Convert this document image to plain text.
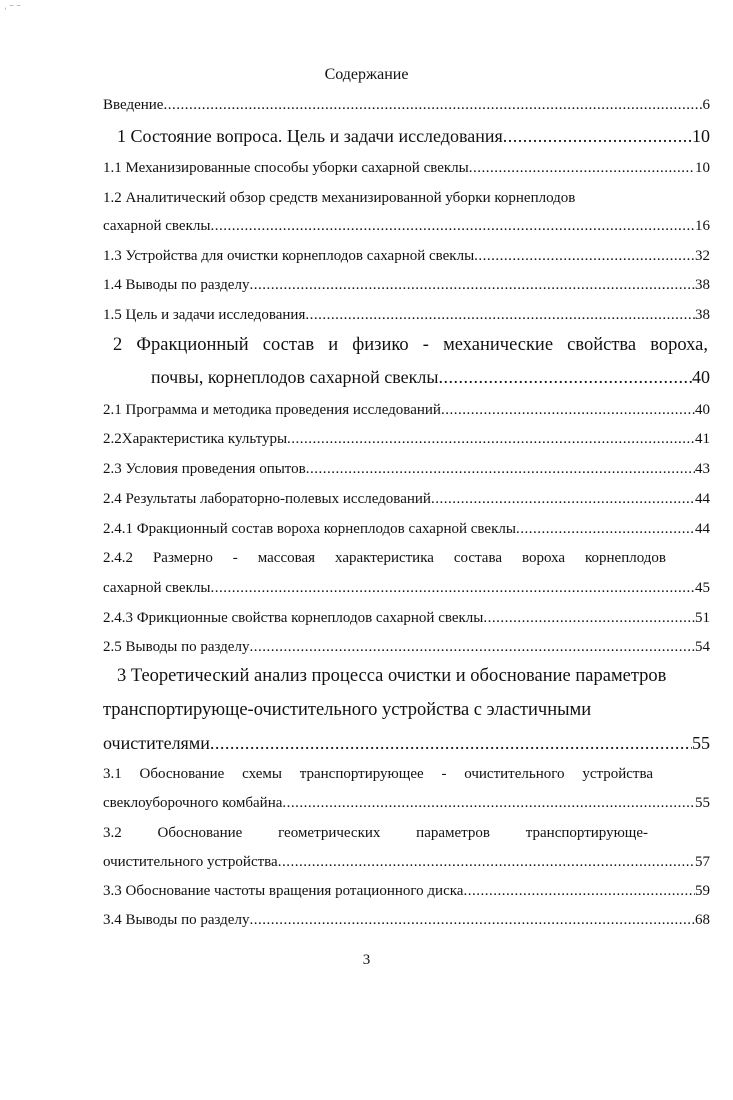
˒ ⁻ ⁻
Содержание
Введение .....	6
1 Состояние вопроса. Цель и задачи исследования .....	10
1.1 Механизированные способы уборки сахарной свеклы .....	10
1.2 Аналитический обзор средств механизированной уборки корнеплодов
сахарной свеклы .....	16
1.3 Устройства для очистки корнеплодов сахарной свеклы .....	32
1.4 Выводы по разделу .....	38
1.5 Цель и задачи исследования .....	38
2 Фракционный состав и физико - механические свойства вороха,
почвы, корнеплодов сахарной свеклы .....	40
2.1 Программа и методика проведения исследований .....	40
2.2Характеристика культуры .....	41
2.3 Условия проведения опытов .....	43
2.4 Результаты лабораторно-полевых исследований .....	44
2.4.1 Фракционный состав вороха корнеплодов сахарной свеклы .....	44
2.4.2 Размерно - массовая характеристика состава вороха корнеплодов
сахарной свеклы .....	45
2.4.3 Фрикционные свойства корнеплодов сахарной свеклы .....	51
2.5 Выводы по разделу .....	54
3 Теоретический анализ процесса очистки и обоснование параметров
транспортирующе-очистительного устройства с эластичными
очистителями .....	55
3.1 Обоснование схемы транспортирующее - очистительного устройства
свеклоуборочного комбайна .....	55
3.2 Обоснование геометрических параметров транспортирующе-
очистительного устройства .....	57
3.3 Обоснование частоты вращения ротационного диска .....	59
3.4 Выводы по разделу .....	68
3
